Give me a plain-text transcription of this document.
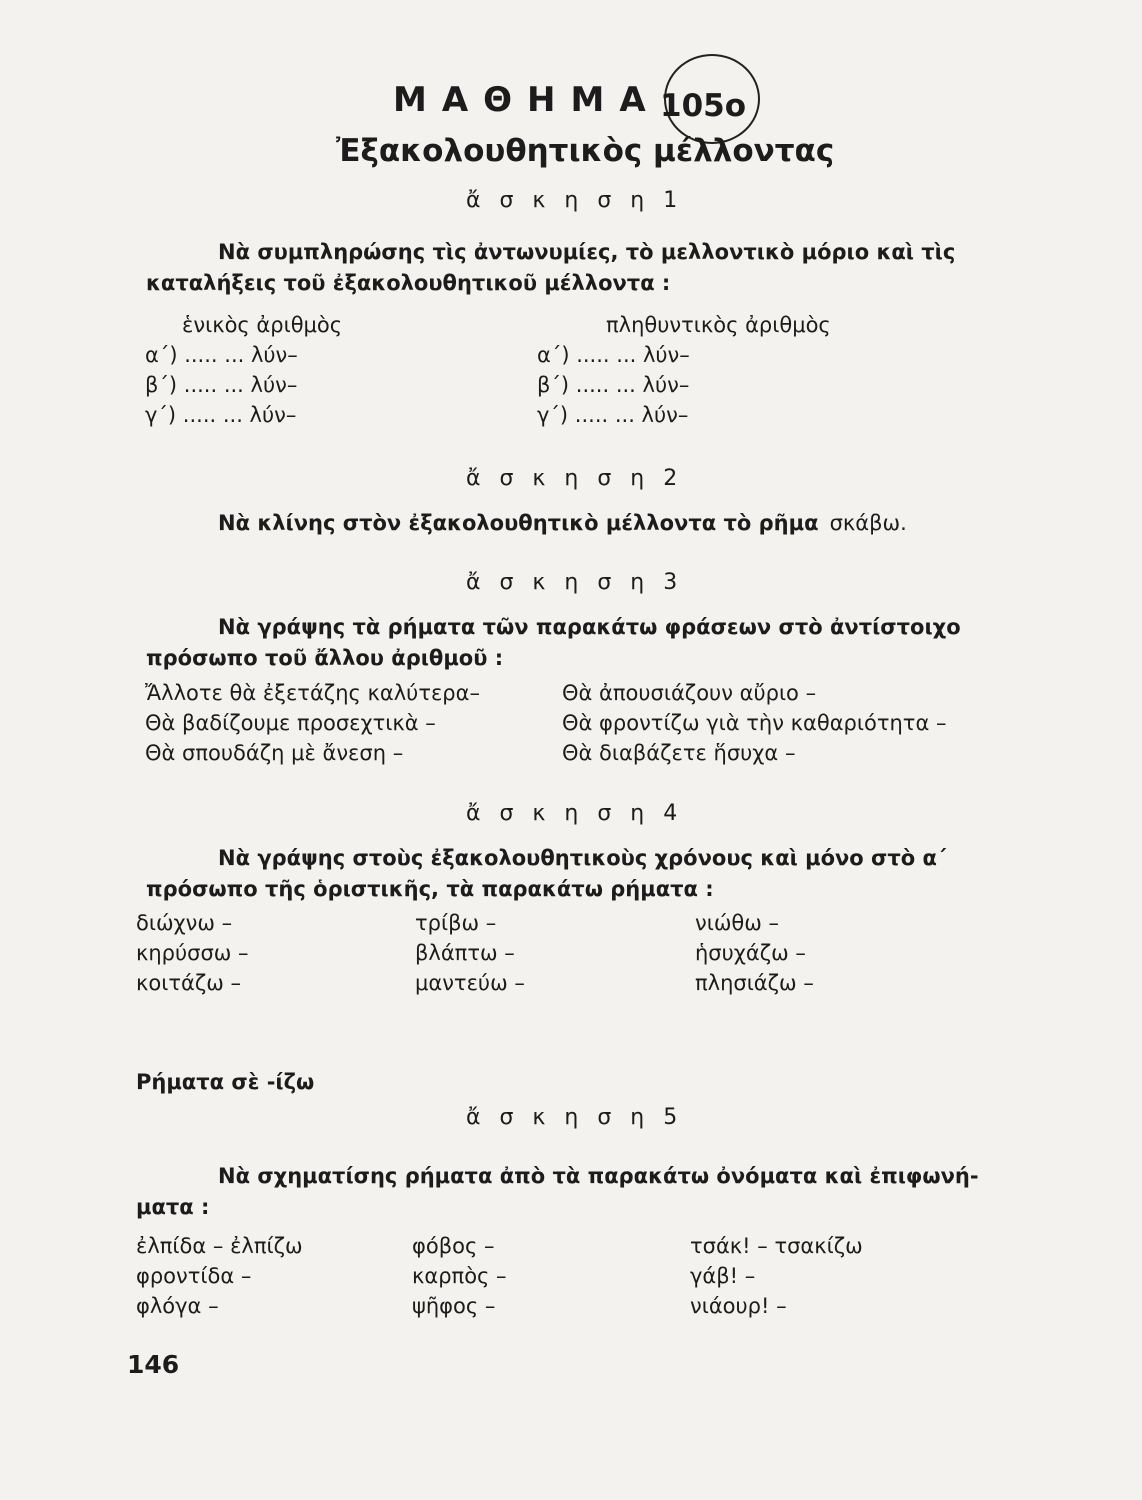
ΜΑΘΗΜΑ 105ο
Ἐξακολουθητικὸς μέλλοντας
ἄ σ κ η σ η 1
Νὰ συμπληρώσης τὶς ἀντωνυμίες, τὸ μελλοντικὸ μόριο καὶ τὶς
καταλήξεις τοῦ ἐξακολουθητικοῦ μέλλοντα :
ἑνικὸς ἀριθμὸς	πληθυντικὸς ἀριθμὸς
α΄) ..... ... λύν–
β΄) ..... ... λύν–
γ΄) ..... ... λύν–
α΄) ..... ... λύν–
β΄) ..... ... λύν–
γ΄) ..... ... λύν–
ἄ σ κ η σ η 2
Νὰ κλίνης στὸν ἐξακολουθητικὸ μέλλοντα τὸ ρῆμα σκάβω.
ἄ σ κ η σ η 3
Νὰ γράψης τὰ ρήματα τῶν παρακάτω φράσεων στὸ ἀντίστοιχο
πρόσωπο τοῦ ἄλλου ἀριθμοῦ :
Ἄλλοτε θὰ ἐξετάζης καλύτερα–
Θὰ βαδίζουμε προσεχτικὰ –
Θὰ σπουδάζη μὲ ἄνεση –
Θὰ ἀπουσιάζουν αὔριο –
Θὰ φροντίζω γιὰ τὴν καθαριότητα –
Θὰ διαβάζετε ἥσυχα –
ἄ σ κ η σ η 4
Νὰ γράψης στοὺς ἐξακολουθητικοὺς χρόνους καὶ μόνο στὸ α΄
πρόσωπο τῆς ὁριστικῆς, τὰ παρακάτω ρήματα :
διώχνω –
κηρύσσω –
κοιτάζω –
τρίβω –
βλάπτω –
μαντεύω –
νιώθω –
ἡσυχάζω –
πλησιάζω –
Ρήματα σὲ -ίζω
ἄ σ κ η σ η 5
Νὰ σχηματίσης ρήματα ἀπὸ τὰ παρακάτω ὀνόματα καὶ ἐπιφωνή-
ματα :
ἐλπίδα – ἐλπίζω
φροντίδα –
φλόγα –
φόβος –
καρπὸς –
ψῆφος –
τσάκ! – τσακίζω
γάβ! –
νιάουρ! –
146
